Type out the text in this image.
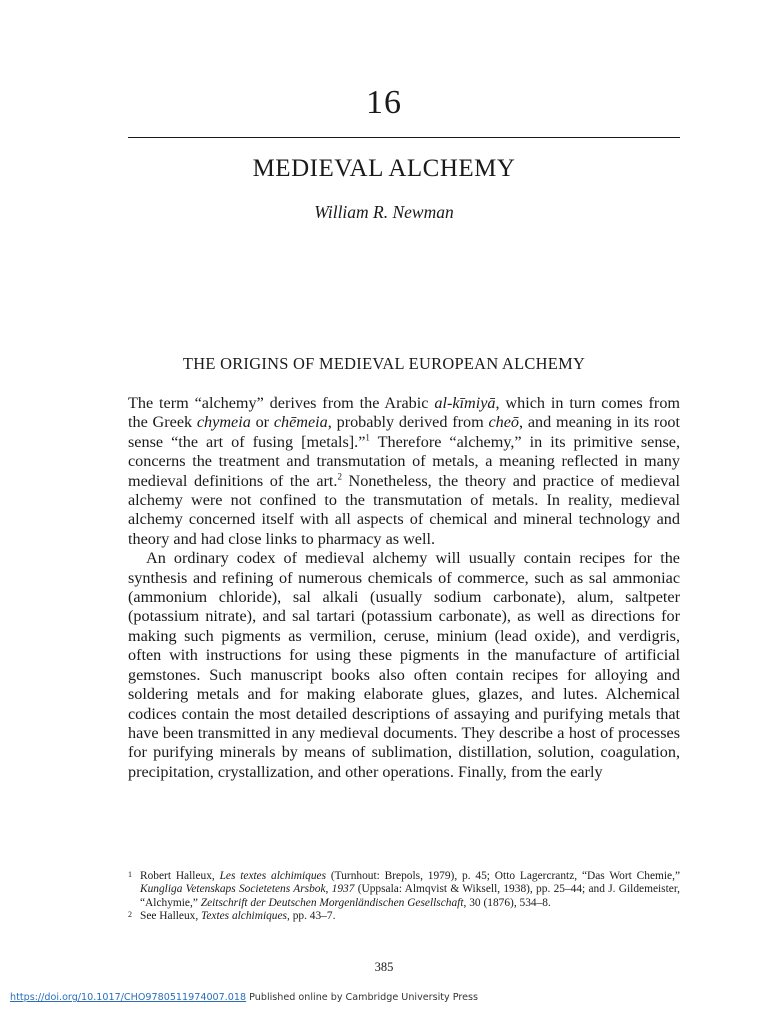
16
MEDIEVAL ALCHEMY
William R. Newman
THE ORIGINS OF MEDIEVAL EUROPEAN ALCHEMY

The term “alchemy” derives from the Arabic al-kīmiyā, which in turn comes from the Greek chymeia or chēmeia, probably derived from cheō, and meaning in its root sense “the art of fusing [metals].”$^1$ Therefore “alchemy,” in its primitive sense, concerns the treatment and transmutation of metals, a meaning reflected in many medieval definitions of the art.$^2$ Nonetheless, the theory and practice of medieval alchemy were not confined to the transmutation of metals. In reality, medieval alchemy concerned itself with all aspects of chemical and mineral technology and theory and had close links to pharmacy as well.

An ordinary codex of medieval alchemy will usually contain recipes for the synthesis and refining of numerous chemicals of commerce, such as sal ammoniac (ammonium chloride), sal alkali (usually sodium carbonate), alum, saltpeter (potassium nitrate), and sal tartari (potassium carbonate), as well as directions for making such pigments as vermilion, ceruse, minium (lead oxide), and verdigris, often with instructions for using these pigments in the manufacture of artificial gemstones. Such manuscript books also often contain recipes for alloying and soldering metals and for making elaborate glues, glazes, and lutes. Alchemical codices contain the most detailed descriptions of assaying and purifying metals that have been transmitted in any medieval documents. They describe a host of processes for purifying minerals by means of sublimation, distillation, solution, coagulation, precipitation, crystallization, and other operations. Finally, from the early

1 Robert Halleux, Les textes alchimiques (Turnhout: Brepols, 1979), p. 45; Otto Lagercrantz, “Das Wort Chemie,” Kungliga Vetenskaps Societetens Arsbok, 1937 (Uppsala: Almqvist & Wiksell, 1938), pp. 25–44; and J. Gildemeister, “Alchymie,” Zeitschrift der Deutschen Morgenländischen Gesellschaft, 30 (1876), 534–8.

2 See Halleux, Textes alchimiques, pp. 43–7.

385
https://doi.org/10.1017/CHO9780511974007.018 Published online by Cambridge University Press
